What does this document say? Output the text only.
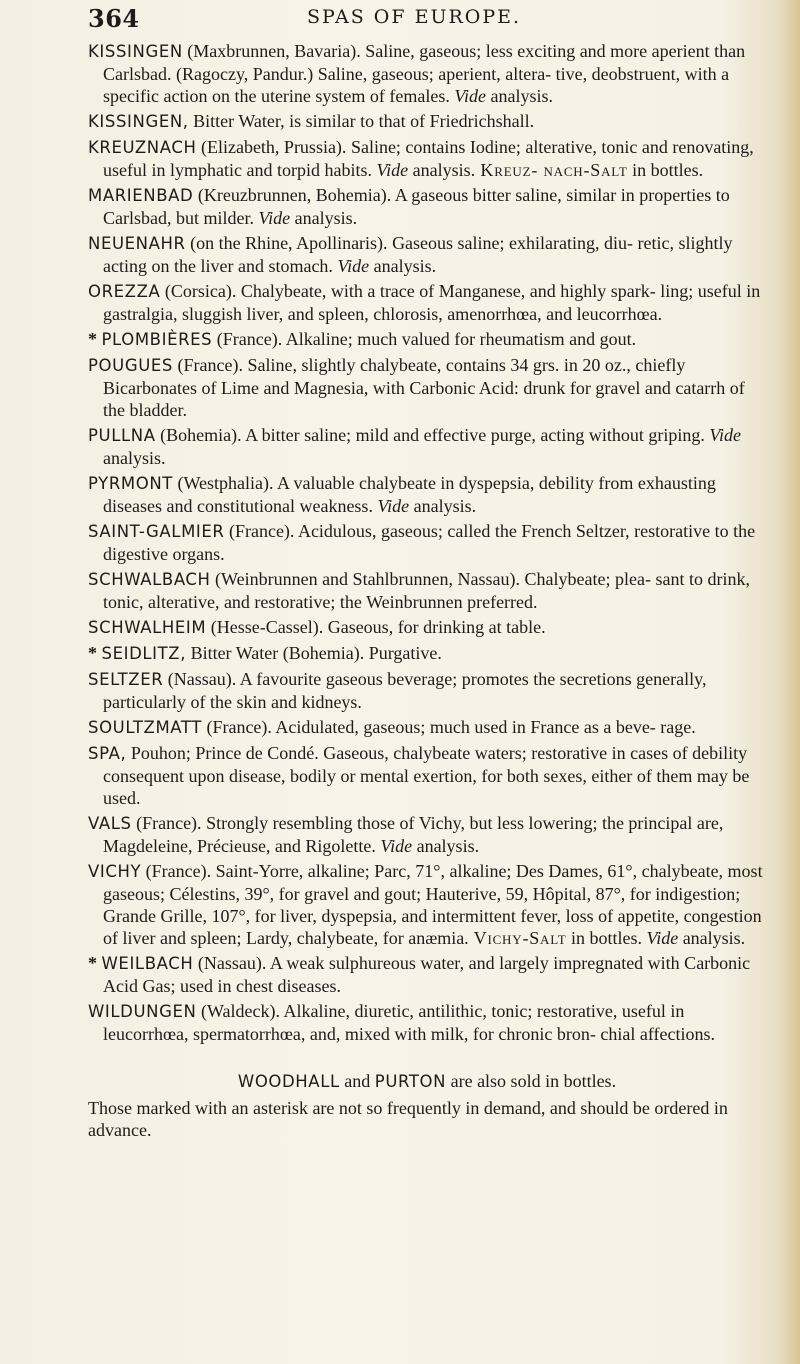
364	SPAS OF EUROPE.

KISSINGEN (Maxbrunnen, Bavaria). Saline, gaseous; less exciting and more aperient than Carlsbad. (Ragoczy, Pandur.) Saline, gaseous; aperient, altera- tive, deobstruent, with a specific action on the uterine system of females. Vide analysis.

KISSINGEN, Bitter Water, is similar to that of Friedrichshall.

KREUZNACH (Elizabeth, Prussia). Saline; contains Iodine; alterative, tonic and renovating, useful in lymphatic and torpid habits. Vide analysis. Kreuz- nach-Salt in bottles.

MARIENBAD (Kreuzbrunnen, Bohemia). A gaseous bitter saline, similar in properties to Carlsbad, but milder. Vide analysis.

NEUENAHR (on the Rhine, Apollinaris). Gaseous saline; exhilarating, diu- retic, slightly acting on the liver and stomach. Vide analysis.

OREZZA (Corsica). Chalybeate, with a trace of Manganese, and highly spark- ling; useful in gastralgia, sluggish liver, and spleen, chlorosis, amenorrhœa, and leucorrhœa.

* PLOMBIÈRES (France). Alkaline; much valued for rheumatism and gout.

POUGUES (France). Saline, slightly chalybeate, contains 34 grs. in 20 oz., chiefly Bicarbonates of Lime and Magnesia, with Carbonic Acid: drunk for gravel and catarrh of the bladder.

PULLNA (Bohemia). A bitter saline; mild and effective purge, acting without griping. Vide analysis.

PYRMONT (Westphalia). A valuable chalybeate in dyspepsia, debility from exhausting diseases and constitutional weakness. Vide analysis.

SAINT-GALMIER (France). Acidulous, gaseous; called the French Seltzer, restorative to the digestive organs.

SCHWALBACH (Weinbrunnen and Stahlbrunnen, Nassau). Chalybeate; plea- sant to drink, tonic, alterative, and restorative; the Weinbrunnen preferred.

SCHWALHEIM (Hesse-Cassel). Gaseous, for drinking at table.

* SEIDLITZ, Bitter Water (Bohemia). Purgative.

SELTZER (Nassau). A favourite gaseous beverage; promotes the secretions generally, particularly of the skin and kidneys.

SOULTZMATT (France). Acidulated, gaseous; much used in France as a beve- rage.

SPA, Pouhon; Prince de Condé. Gaseous, chalybeate waters; restorative in cases of debility consequent upon disease, bodily or mental exertion, for both sexes, either of them may be used.

VALS (France). Strongly resembling those of Vichy, but less lowering; the principal are, Magdeleine, Précieuse, and Rigolette. Vide analysis.

VICHY (France). Saint-Yorre, alkaline; Parc, 71°, alkaline; Des Dames, 61°, chalybeate, most gaseous; Célestins, 39°, for gravel and gout; Hauterive, 59, Hôpital, 87°, for indigestion; Grande Grille, 107°, for liver, dyspepsia, and intermittent fever, loss of appetite, congestion of liver and spleen; Lardy, chalybeate, for anæmia. Vichy-Salt in bottles. Vide analysis.

* WEILBACH (Nassau). A weak sulphureous water, and largely impregnated with Carbonic Acid Gas; used in chest diseases.

WILDUNGEN (Waldeck). Alkaline, diuretic, antilithic, tonic; restorative, useful in leucorrhœa, spermatorrhœa, and, mixed with milk, for chronic bron- chial affections.

WOODHALL and PURTON are also sold in bottles.

Those marked with an asterisk are not so frequently in demand, and should be ordered in advance.
